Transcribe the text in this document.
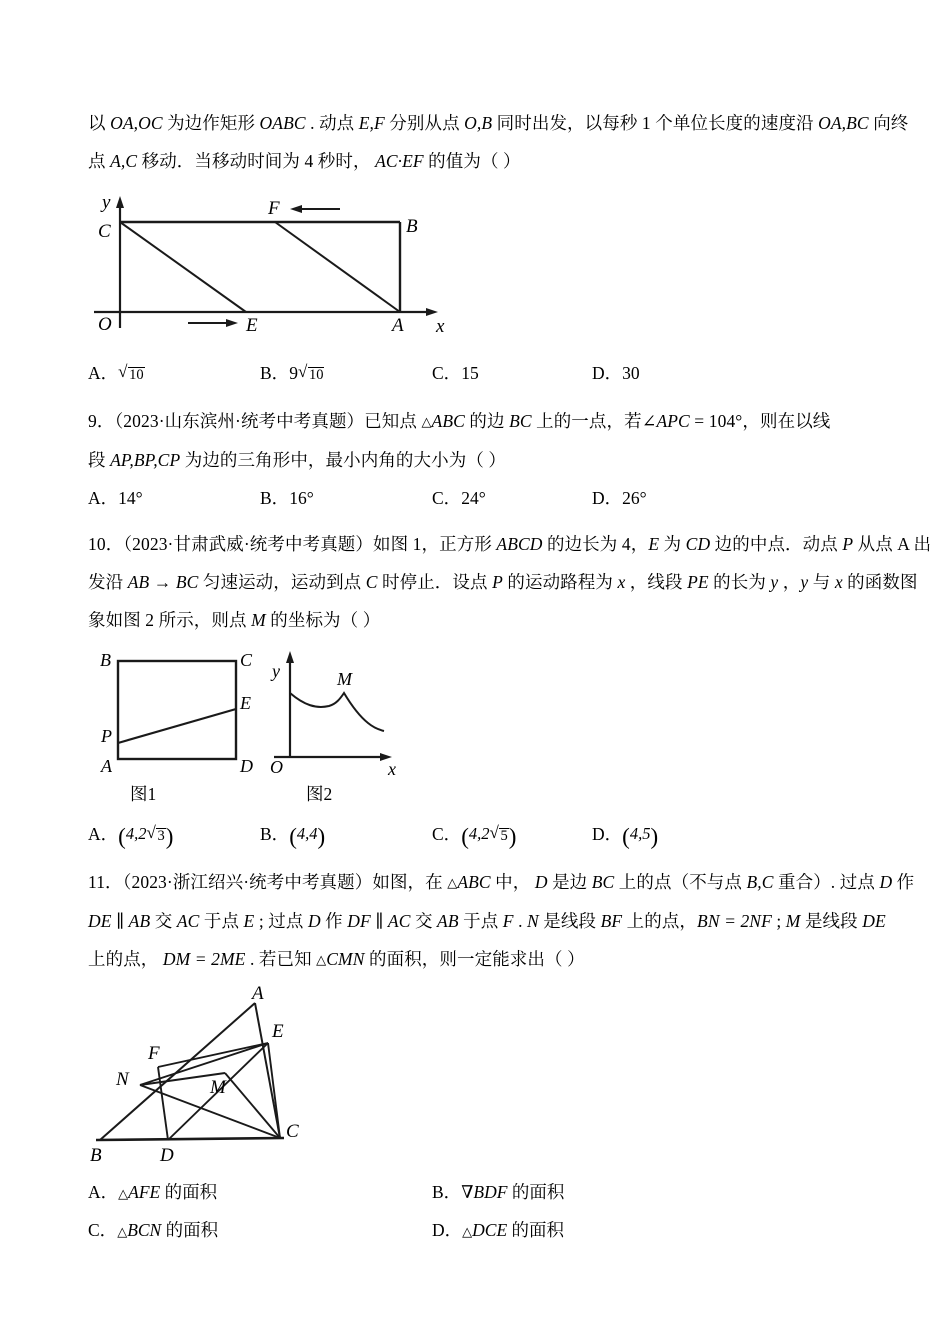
以 OA,OC 为边作矩形 OABC . 动点 E,F 分别从点 O,B 同时出发，以每秒 1 个单位长度的速度沿 OA,BC 向终
点 A,C 移动．当移动时间为 4 秒时， AC·EF 的值为（ ）
y
C	B
F
E	A
O	x
A． √ 10	B．9 √ 10	C．15	D．30
9．（2023·山东滨州·统考中考真题）已知点 △ ABC 的边 BC 上的一点，若∠APC = 104°，则在以线
段 AP,BP,CP 为边的三角形中，最小内角的大小为（ ）
A．14°	B．16°	C．24°	D．26°
10．（2023·甘肃武威·统考中考真题）如图 1，正方形 ABCD 的边长为 4，E 为 CD 边的中点．动点 P 从点 A 出
发沿 AB → BC 匀速运动，运动到点 C 时停止．设点 P 的运动路程为 x ，线段 PE 的长为 y ，y 与 x 的函数图
象如图 2 所示，则点 M 的坐标为（ ）
B	C
E
P
A	D
y
O	x
M
图1	图2
A．(4,2 √ 3)	B．(4,4)	C．(4,2 √ 5)	D．(4,5)
11．（2023·浙江绍兴·统考中考真题）如图，在 △ ABC 中， D 是边 BC 上的点（不与点 B,C 重合）. 过点 D 作
DE ∥ AB 交 AC 于点 E ; 过点 D 作 DF ∥ AC 交 AB 于点 F . N 是线段 BF 上的点，BN = 2NF ; M 是线段 DE
上的点， DM = 2ME . 若已知 △ CMN 的面积，则一定能求出（ ）
A
E
F
N	M
B	D
C
A． △ AFE 的面积	B．∇BDF 的面积
C． △ BCN 的面积	D． △ DCE 的面积
